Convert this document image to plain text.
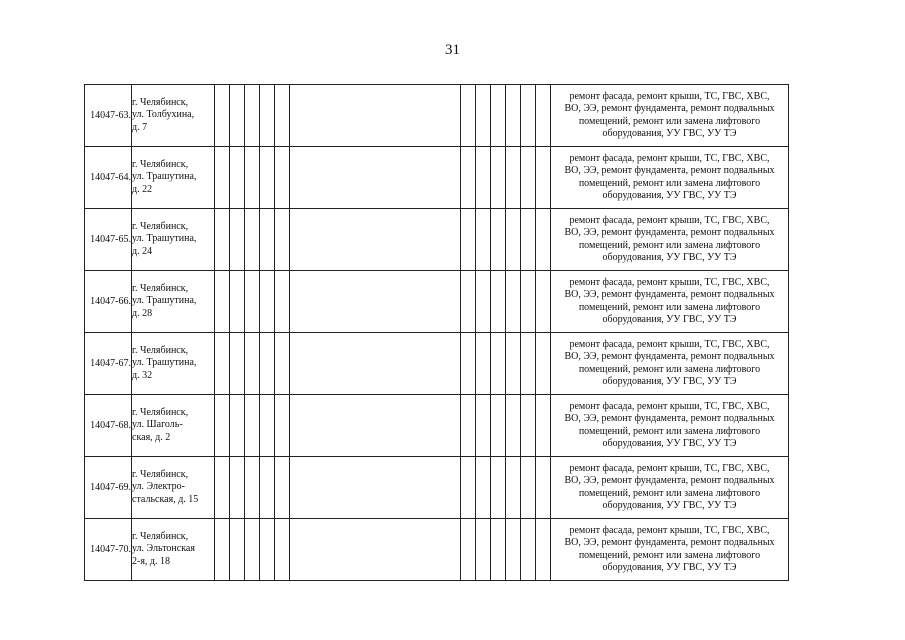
31
14047-63.	г. Челябинск,
ул. Толбухина,
д. 7													ремонт фасада, ремонт крыши, ТС, ГВС, ХВС,
ВО, ЭЭ, ремонт фундамента, ремонт подвальных
помещений, ремонт или замена лифтового
оборудования, УУ ГВС, УУ ТЭ

14047-64.	г. Челябинск,
ул. Трашутина,
д. 22													ремонт фасада, ремонт крыши, ТС, ГВС, ХВС,
ВО, ЭЭ, ремонт фундамента, ремонт подвальных
помещений, ремонт или замена лифтового
оборудования, УУ ГВС, УУ ТЭ

14047-65.	г. Челябинск,
ул. Трашутина,
д. 24													ремонт фасада, ремонт крыши, ТС, ГВС, ХВС,
ВО, ЭЭ, ремонт фундамента, ремонт подвальных
помещений, ремонт или замена лифтового
оборудования, УУ ГВС, УУ ТЭ

14047-66.	г. Челябинск,
ул. Трашутина,
д. 28													ремонт фасада, ремонт крыши, ТС, ГВС, ХВС,
ВО, ЭЭ, ремонт фундамента, ремонт подвальных
помещений, ремонт или замена лифтового
оборудования, УУ ГВС, УУ ТЭ

14047-67.	г. Челябинск,
ул. Трашутина,
д. 32													ремонт фасада, ремонт крыши, ТС, ГВС, ХВС,
ВО, ЭЭ, ремонт фундамента, ремонт подвальных
помещений, ремонт или замена лифтового
оборудования, УУ ГВС, УУ ТЭ

14047-68.	г. Челябинск,
ул. Шаголь-
ская, д. 2													ремонт фасада, ремонт крыши, ТС, ГВС, ХВС,
ВО, ЭЭ, ремонт фундамента, ремонт подвальных
помещений, ремонт или замена лифтового
оборудования, УУ ГВС, УУ ТЭ

14047-69.	г. Челябинск,
ул. Электро-
стальская, д. 15													ремонт фасада, ремонт крыши, ТС, ГВС, ХВС,
ВО, ЭЭ, ремонт фундамента, ремонт подвальных
помещений, ремонт или замена лифтового
оборудования, УУ ГВС, УУ ТЭ

14047-70.	г. Челябинск,
ул. Эльтонская
2-я, д. 18													ремонт фасада, ремонт крыши, ТС, ГВС, ХВС,
ВО, ЭЭ, ремонт фундамента, ремонт подвальных
помещений, ремонт или замена лифтового
оборудования, УУ ГВС, УУ ТЭ
